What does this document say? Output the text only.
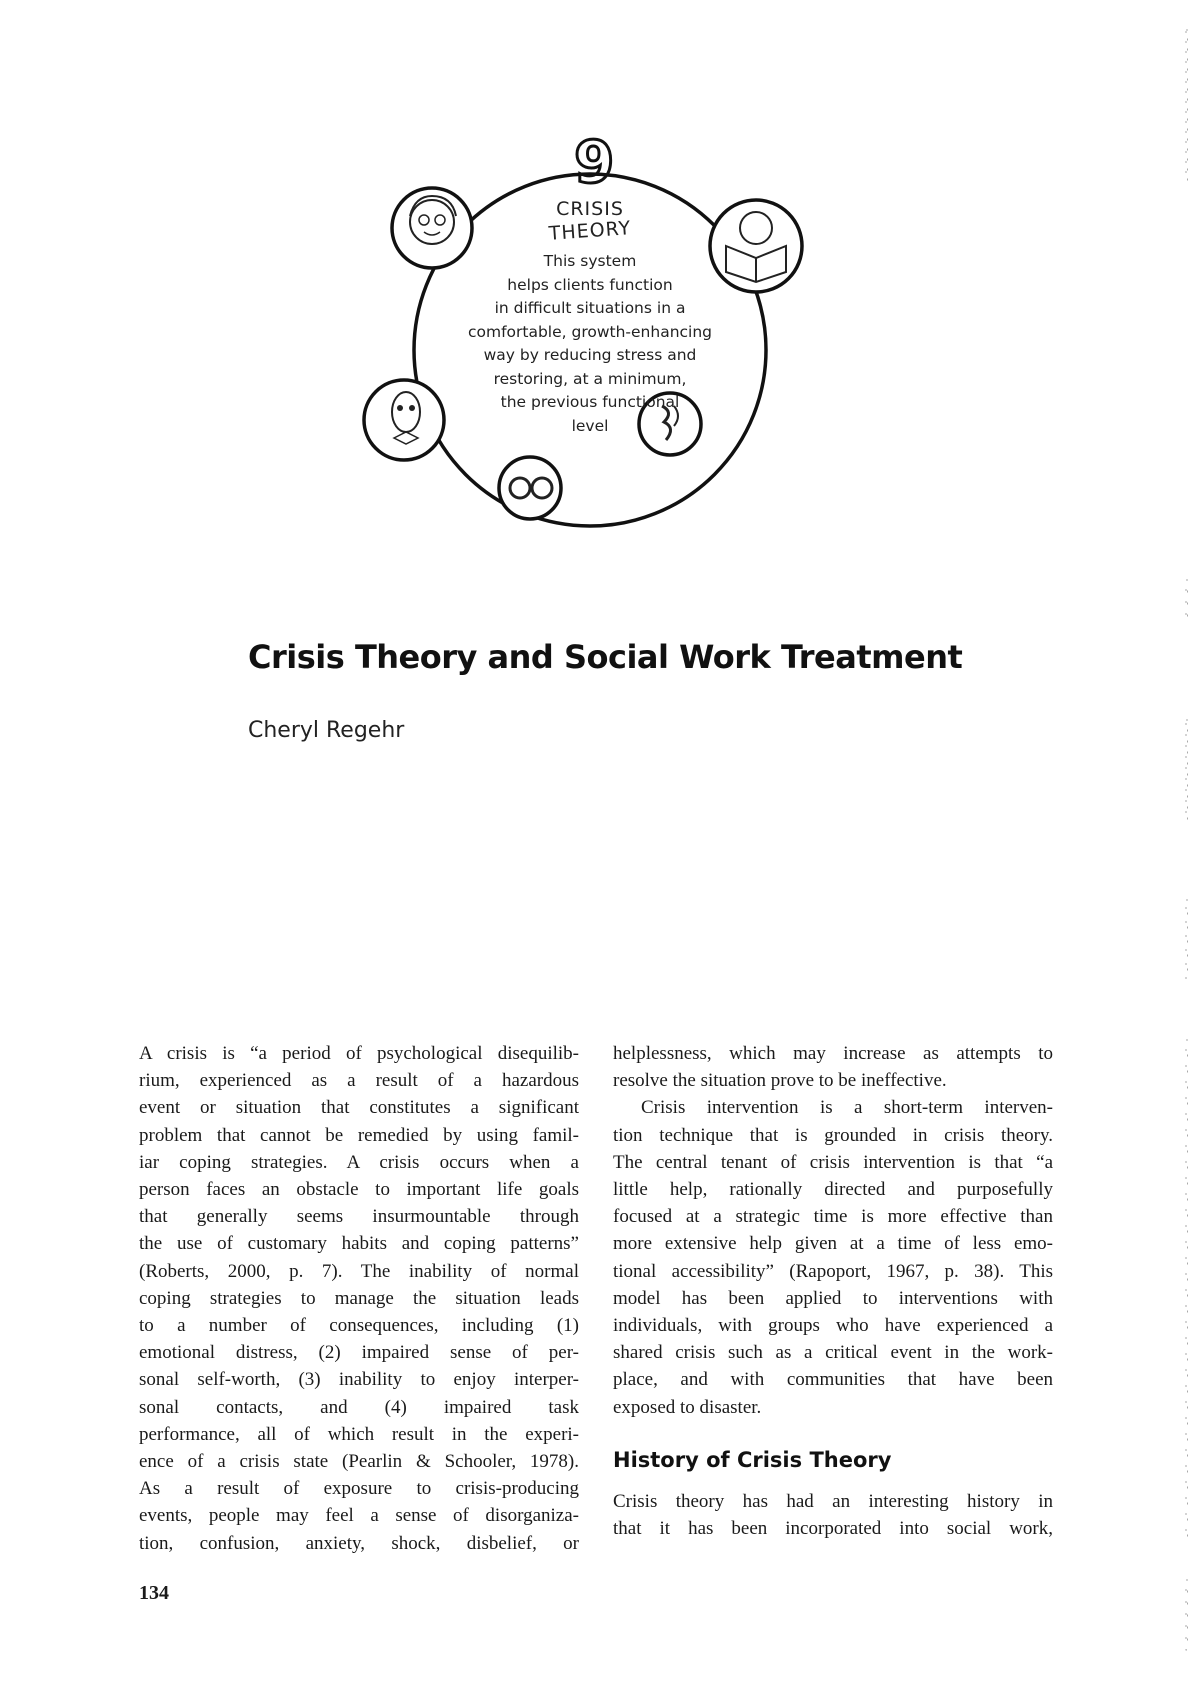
9
CRISIS
THEORY
This system
helps clients function
in difficult situations in a
comfortable, growth-enhancing
way by reducing stress and
restoring, at a minimum,
the previous functional
level
Crisis Theory and Social Work Treatment
Cheryl Regehr

A crisis is “a period of psychological disequilib-
rium, experienced as a result of a hazardous
event or situation that constitutes a significant
problem that cannot be remedied by using famil-
iar coping strategies. A crisis occurs when a
person faces an obstacle to important life goals
that generally seems insurmountable through
the use of customary habits and coping patterns”
(Roberts, 2000, p. 7). The inability of normal
coping strategies to manage the situation leads
to a number of consequences, including (1)
emotional distress, (2) impaired sense of per-
sonal self-worth, (3) inability to enjoy interper-
sonal contacts, and (4) impaired task
performance, all of which result in the experi-
ence of a crisis state (Pearlin & Schooler, 1978).
As a result of exposure to crisis-producing
events, people may feel a sense of disorganiza-
tion, confusion, anxiety, shock, disbelief, or

helplessness, which may increase as attempts to
resolve the situation prove to be ineffective.

Crisis intervention is a short-term interven-
tion technique that is grounded in crisis theory.
The central tenant of crisis intervention is that “a
little help, rationally directed and purposefully
focused at a strategic time is more effective than
more extensive help given at a time of less emo-
tional accessibility” (Rapoport, 1967, p. 38). This
model has been applied to interventions with
individuals, with groups who have experienced a
shared crisis such as a critical event in the work-
place, and with communities that have been
exposed to disaster.

History of Crisis Theory

Crisis theory has had an interesting history in
that it has been incorporated into social work,

134
